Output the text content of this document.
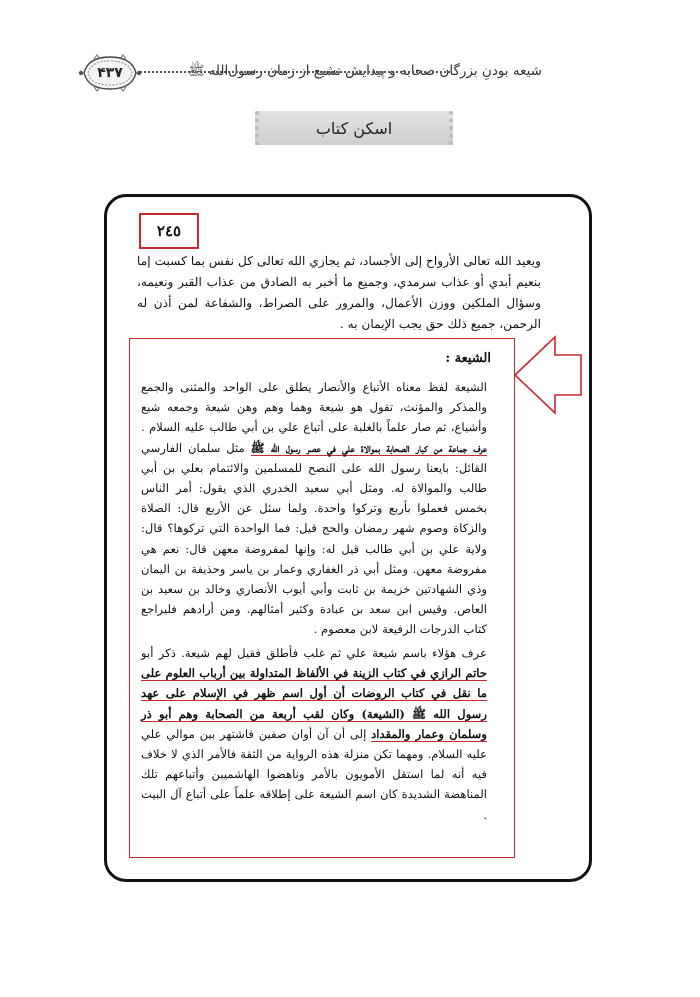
شیعه بودنِ بزرگان صحابه و پیدایش تشیع از زمان رسول‌الله ﷺ
۴۳۷
اسکن کتاب
٢٤٥
ويعيد الله تعالى الأرواح إلى الأجساد، ثم يجازي الله تعالى كل نفس بما كسبت إما بنعيم أبدي أو عذاب سرمدي، وجميع ما أخبر به الصادق من عذاب القبر ونعيمه، وسؤال الملكين ووزن الأعمال، والمرور على الصراط، والشفاعة لمن أذن له الرحمن، جميع ذلك حق يجب الإيمان به .
الشيعة :
الشيعة لفظ معناه الأتباع والأنصار يطلق على الواحد والمثنى والجمع والمذكر والمؤنث، تقول هو شيعة وهما وهم وهن شيعة وجمعه شيع وأشياع، ثم صار علماً بالغلبة على أتباع علي بن أبي طالب عليه السلام . عرف جماعة من كبار الصحابة بموالاة علي في عصر رسول الله ﷺ مثل سلمان الفارسي القائل: بايعنا رسول الله على النصح للمسلمين والائتمام بعلي بن أبي طالب والموالاة له. ومثل أبي سعيد الخدري الذي يقول: أمر الناس بخمس فعملوا بأربع وتركوا واحدة. ولما سئل عن الأربع قال: الصلاة والزكاة وصوم شهر رمضان والحج قيل: فما الواحدة التي تركوها؟ قال: ولاية علي بن أبي طالب قيل له: وإنها لمفروضة معهن قال: نعم هي مفروضة معهن. ومثل أبي ذر الغفاري وعمار بن ياسر وحذيفة بن اليمان وذي الشهادتين خزيمة بن ثابت وأبي أيوب الأنصاري وخالد بن سعيد بن العاص. وقيس ابن سعد بن عبادة وكثير أمثالهم. ومن أرادهم فليراجع كتاب الدرجات الرفيعة لابن معصوم .
عرف هؤلاء باسم شيعة علي ثم غلب فأطلق فقيل لهم شيعة. ذكر أبو حاتم الرازي في كتاب الزينة في الألفاظ المتداولة بين أرباب العلوم على ما نقل في كتاب الروضات أن أول اسم ظهر في الإسلام على عهد رسول الله ﷺ (الشيعة) وكان لقب أربعة من الصحابة وهم أبو ذر وسلمان وعمار والمقداد إلى أن آن أوان صفين فاشتهر بين موالي علي عليه السلام. ومهما تكن منزلة هذه الرواية من الثقة فالأمر الذي لا خلاف فيه أنه لما استقل الأمويون بالأمر وناهضوا الهاشميين وأتباعهم تلك المناهضة الشديدة كان اسم الشيعة على إطلاقه علماً على أتباع آل البيت .
